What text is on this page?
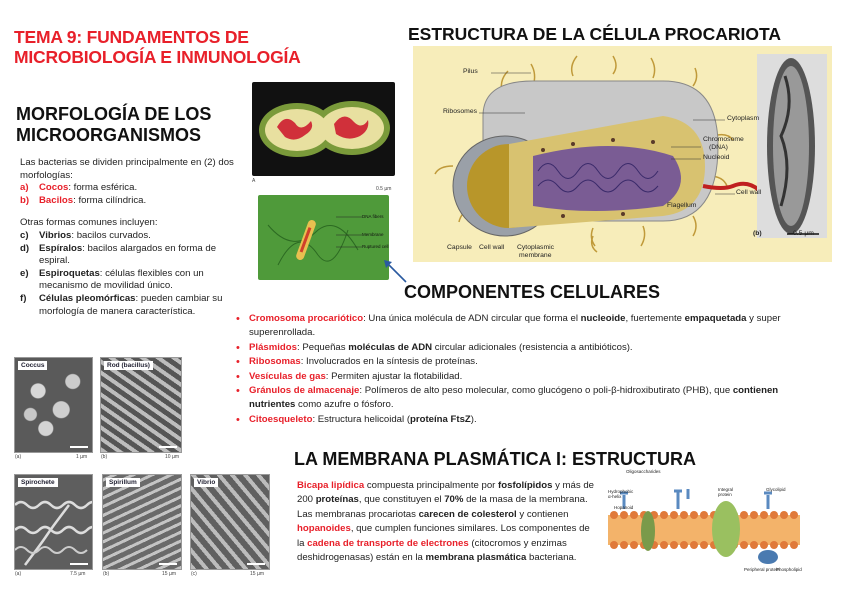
TEMA 9: FUNDAMENTOS DE
MICROBIOLOGÍA E INMUNOLOGÍA
MORFOLOGÍA DE LOS
MICROORGANISMOS
Las bacterias se dividen principalmente en (2) dos morfologías:
a) Cocos: forma esférica.
b) Bacilos: forma cilíndrica.
Otras formas comunes incluyen:
c) Vibrios: bacilos curvados.
d) Espíralos: bacilos alargados en forma de espiral.
e) Espiroquetas: células flexibles con un mecanismo de movilidad único.
f) Células pleomórficas: pueden cambiar su morfología de manera característica.
Coccus
(a)	1 µm
Rod (bacillus)
(b)	10 µm
Spirochete
(a)	7.5 µm
Spirillum
(b)	15 µm
Vibrio
(c)	15 µm
A
0.5 µm
DNA fibers
Membrane
Ruptured cell
ESTRUCTURA DE LA CÉLULA PROCARIOTA
Pilus
Ribosomes
Cytoplasm
Chromosome
(DNA)
Nucleoid
Cell wall
Flagellum
Capsule Cell wall Cytoplasmic
membrane
(b)	0.5 µm
COMPONENTES CELULARES
• Cromosoma procariótico: Una única molécula de ADN circular que forma el nucleoide, fuertemente empaquetada y super superenrollada.
• Plásmidos: Pequeñas moléculas de ADN circular adicionales (resistencia a antibióticos).
• Ribosomas: Involucrados en la síntesis de proteínas.
• Vesículas de gas: Permiten ajustar la flotabilidad.
• Gránulos de almacenaje: Polímeros de alto peso molecular, como glucógeno o poli-β-hidroxibutirato (PHB), que contienen nutrientes como azufre o fósforo.
• Citoesqueleto: Estructura helicoidal (proteína FtsZ).
LA MEMBRANA PLASMÁTICA I: ESTRUCTURA
Bicapa lipídica compuesta principalmente por fosfolípidos y más de 200 proteínas, que constituyen el 70% de la masa de la membrana. Las membranas procariotas carecen de colesterol y contienen hopanoides, que cumplen funciones similares. Los componentes de la cadena de transporte de electrones (citocromos y enzimas deshidrogenasas) están en la membrana plasmática bacteriana.
Oligosaccharides
Glycolipid
Hydrophobic α-helix
Hopanoid
Integral protein
Peripheral protein
Phospholipid
